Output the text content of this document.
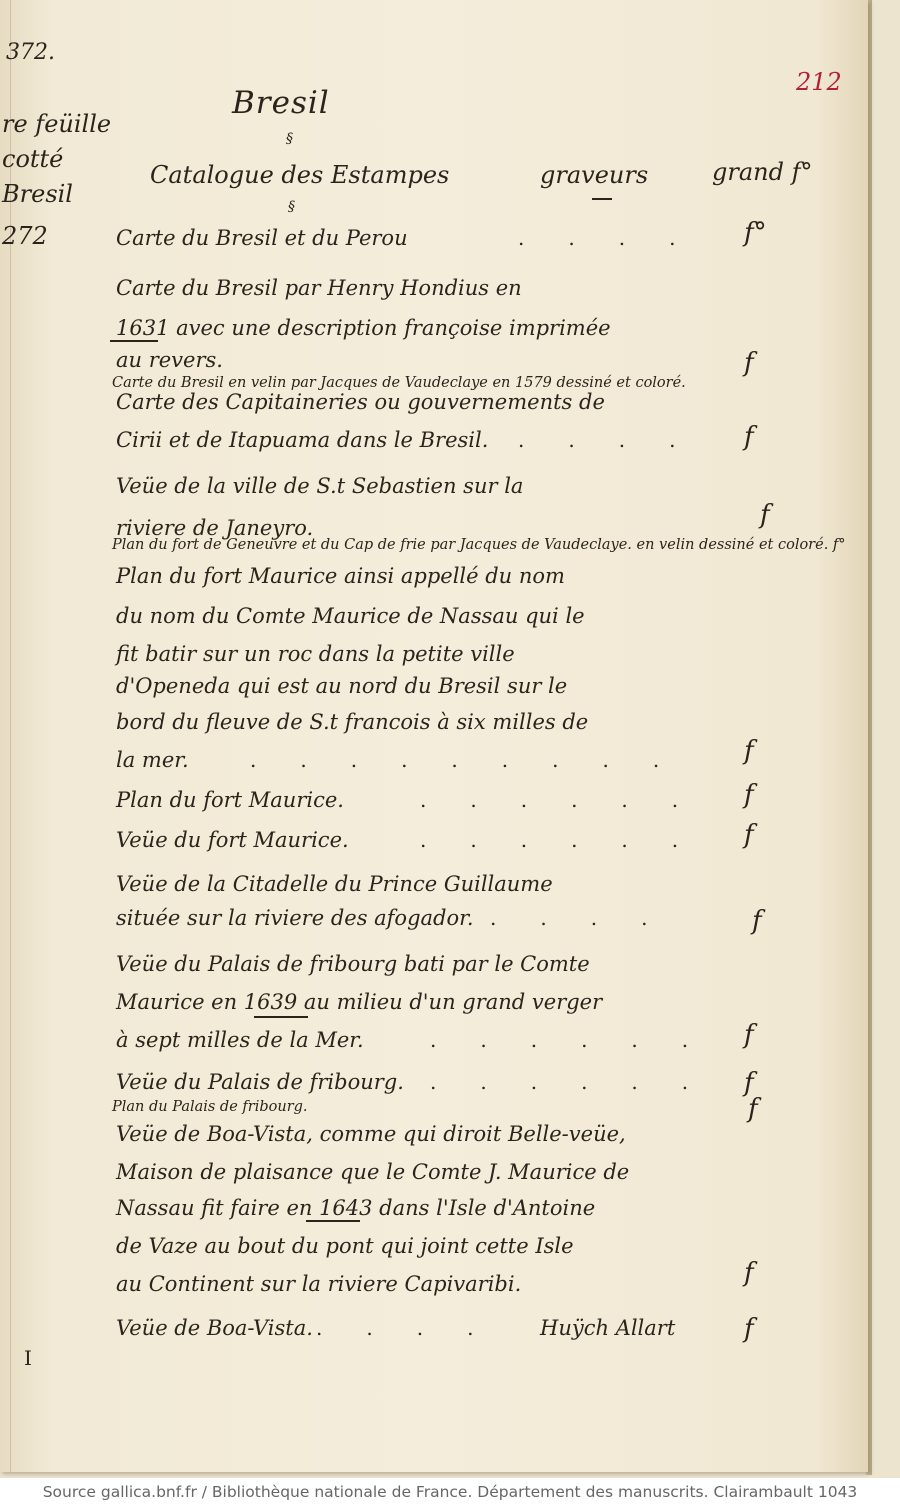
372.
212
re feüille
cotté
Bresil
272
Bresil
§
Catalogue des Estampes	graveurs	grand f°
§
Carte du Bresil et du Perou	.... f°
Carte du Bresil par Henry Hondius en
1631 avec une description françoise imprimée
au revers.	f
Carte du Bresil en velin par Jacques de Vaudeclaye en 1579 dessiné et coloré.
Carte des Capitaineries ou gouvernements de
Cirii et de Itapuama dans le Bresil. .... f
Veüe de la ville de S.t Sebastien sur la
riviere de Janeyro.	f
Plan du fort de Geneuvre et du Cap de frie par Jacques de Vaudeclaye. en velin dessiné et coloré. f°
Plan du fort Maurice ainsi appellé du nom
du nom du Comte Maurice de Nassau qui le
fit batir sur un roc dans la petite ville
d'Openeda qui est au nord du Bresil sur le
bord du fleuve de S.t francois à six milles de
la mer.	......... f
Plan du fort Maurice.	...... f
Veüe du fort Maurice.	...... f
Veüe de la Citadelle du Prince Guillaume
située sur la riviere des afogador. .... f
Veüe du Palais de fribourg bati par le Comte
Maurice en 1639 au milieu d'un grand verger
à sept milles de la Mer.	...... f
Veüe du Palais de fribourg. ...... f
Plan du Palais de fribourg.	f
Veüe de Boa-Vista, comme qui diroit Belle-veüe,
Maison de plaisance que le Comte J. Maurice de
Nassau fit faire en 1643 dans l'Isle d'Antoine
de Vaze au bout du pont qui joint cette Isle
au Continent sur la riviere Capivaribi.	f
Veüe de Boa-Vista. .... Huÿch Allart	f
I
Source gallica.bnf.fr / Bibliothèque nationale de France. Département des manuscrits. Clairambault 1043
